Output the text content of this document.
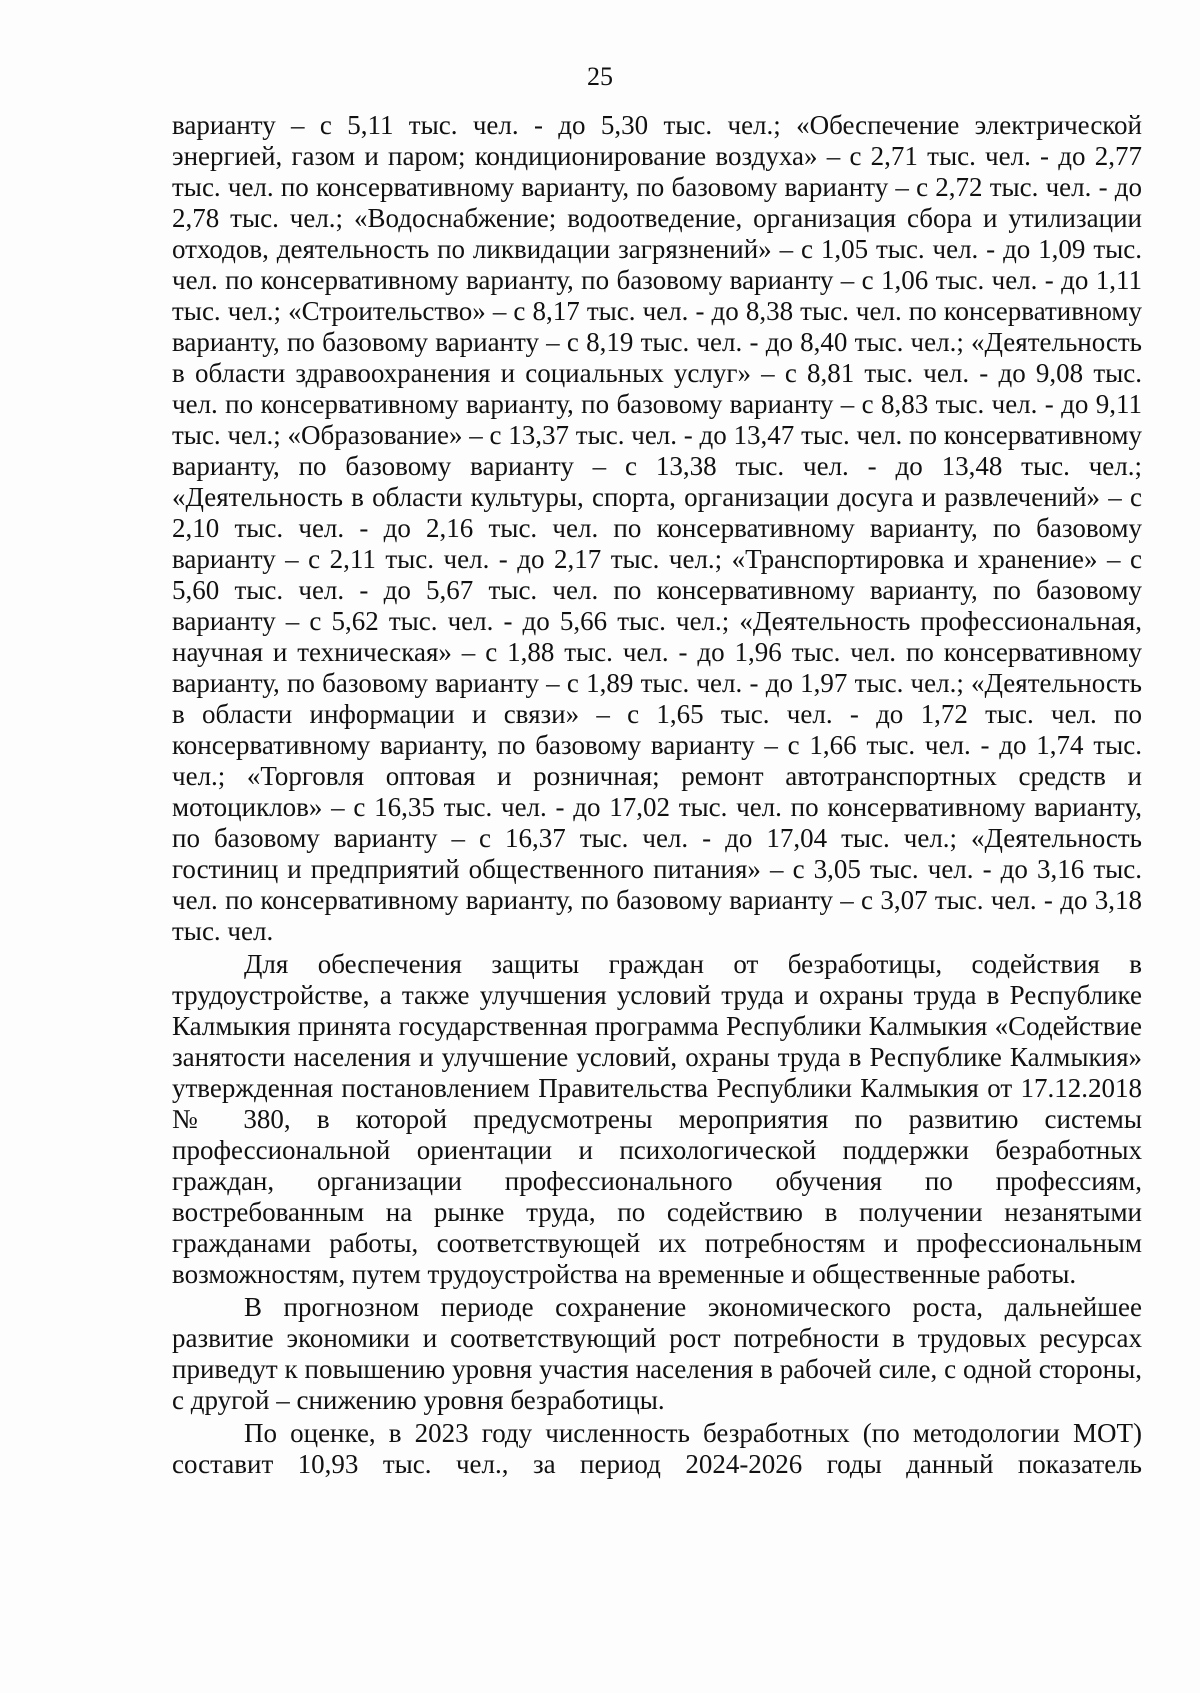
25

варианту – с 5,11 тыс. чел. - до 5,30 тыс. чел.; «Обеспечение электрической энергией, газом и паром; кондиционирование воздуха» – с 2,71 тыс. чел. - до 2,77 тыс. чел. по консервативному варианту, по базовому варианту – с 2,72 тыс. чел. - до 2,78 тыс. чел.; «Водоснабжение; водоотведение, организация сбора и утилизации отходов, деятельность по ликвидации загрязнений» – с 1,05 тыс. чел. - до 1,09 тыс. чел. по консервативному варианту, по базовому варианту – с 1,06 тыс. чел. - до 1,11 тыс. чел.; «Строительство» – с 8,17 тыс. чел. - до 8,38 тыс. чел. по консервативному варианту, по базовому варианту – с 8,19 тыс. чел. - до 8,40 тыс. чел.; «Деятельность в области здравоохранения и социальных услуг» – с 8,81 тыс. чел. - до 9,08 тыс. чел. по консервативному варианту, по базовому варианту – с 8,83 тыс. чел. - до 9,11 тыс. чел.; «Образование» – с 13,37 тыс. чел. - до 13,47 тыс. чел. по консервативному варианту, по базовому варианту – с 13,38 тыс. чел. - до 13,48 тыс. чел.; «Деятельность в области культуры, спорта, организации досуга и развлечений» – с 2,10 тыс. чел. - до 2,16 тыс. чел. по консервативному варианту, по базовому варианту – с 2,11 тыс. чел. - до 2,17 тыс. чел.; «Транспортировка и хранение» – с 5,60 тыс. чел. - до 5,67 тыс. чел. по консервативному варианту, по базовому варианту – с 5,62 тыс. чел. - до 5,66 тыс. чел.; «Деятельность профессиональная, научная и техническая» – с 1,88 тыс. чел. - до 1,96 тыс. чел. по консервативному варианту, по базовому варианту – с 1,89 тыс. чел. - до 1,97 тыс. чел.; «Деятельность в области информации и связи» – с 1,65 тыс. чел. - до 1,72 тыс. чел. по консервативному варианту, по базовому варианту – с 1,66 тыс. чел. - до 1,74 тыс. чел.; «Торговля оптовая и розничная; ремонт автотранспортных средств и мотоциклов» – с 16,35 тыс. чел. - до 17,02 тыс. чел. по консервативному варианту, по базовому варианту – с 16,37 тыс. чел. - до 17,04 тыс. чел.; «Деятельность гостиниц и предприятий общественного питания» – с 3,05 тыс. чел. - до 3,16 тыс. чел. по консервативному варианту, по базовому варианту – с 3,07 тыс. чел. - до 3,18 тыс. чел.

Для обеспечения защиты граждан от безработицы, содействия в трудоустройстве, а также улучшения условий труда и охраны труда в Республике Калмыкия принята государственная программа Республики Калмыкия «Содействие занятости населения и улучшение условий, охраны труда в Республике Калмыкия» утвержденная постановлением Правительства Республики Калмыкия от 17.12.2018 № 380, в которой предусмотрены мероприятия по развитию системы профессиональной ориентации и психологической поддержки безработных граждан, организации профессионального обучения по профессиям, востребованным на рынке труда, по содействию в получении незанятыми гражданами работы, соответствующей их потребностям и профессиональным возможностям, путем трудоустройства на временные и общественные работы.

В прогнозном периоде сохранение экономического роста, дальнейшее развитие экономики и соответствующий рост потребности в трудовых ресурсах приведут к повышению уровня участия населения в рабочей силе, с одной стороны, с другой – снижению уровня безработицы.

По оценке, в 2023 году численность безработных (по методологии МОТ) составит 10,93 тыс. чел., за период 2024-2026 годы данный показатель
